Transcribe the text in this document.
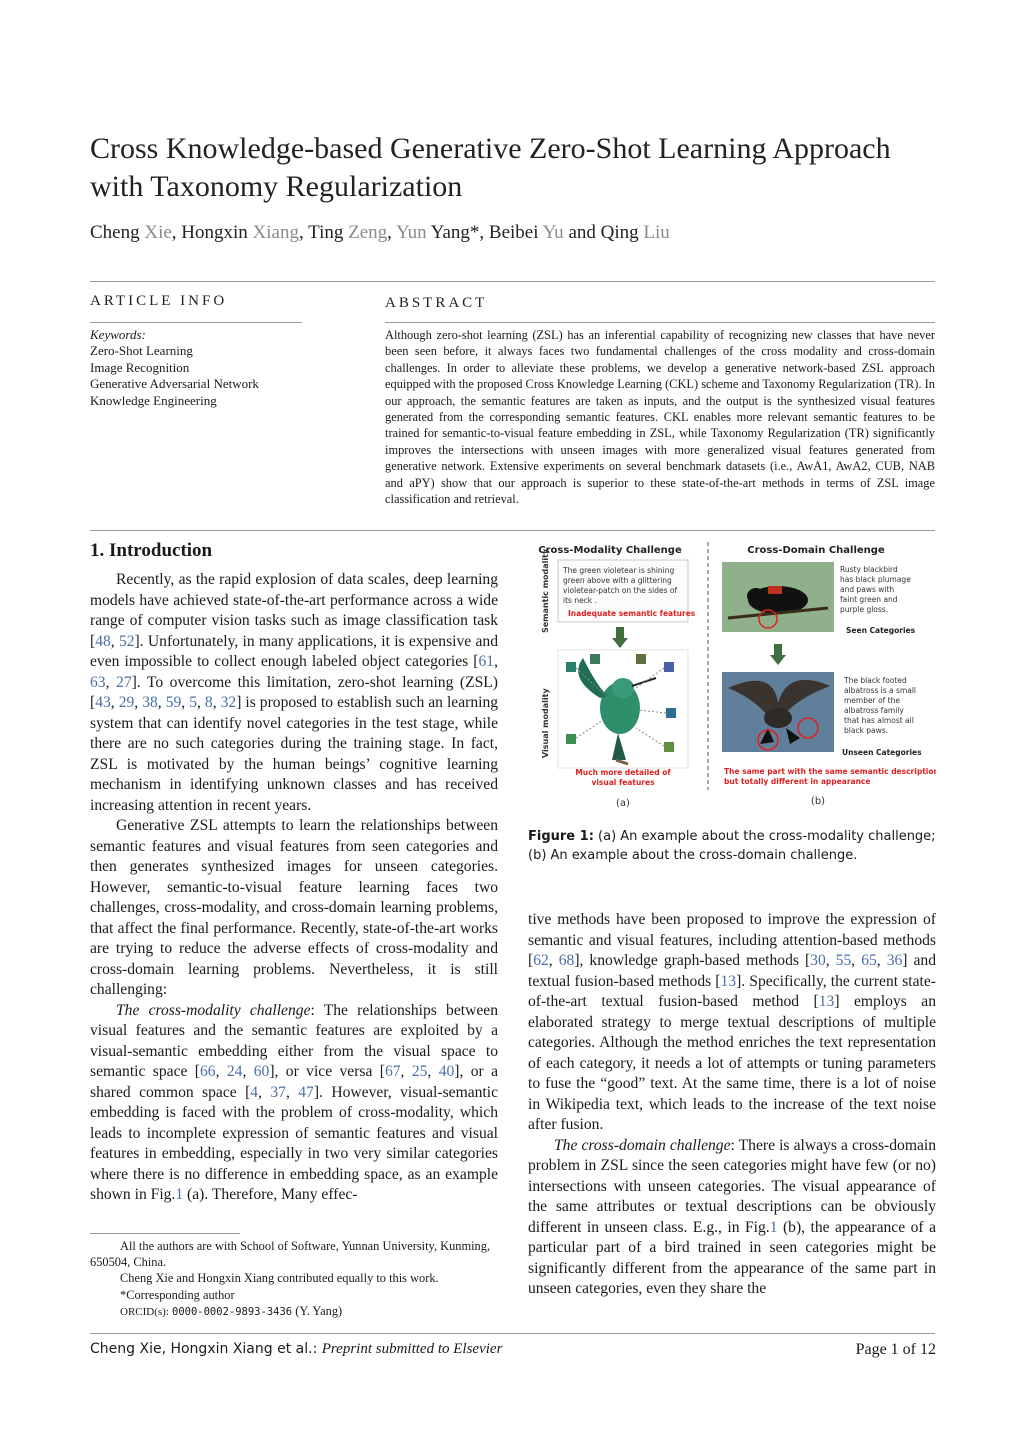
Cross Knowledge-based Generative Zero-Shot Learning Approach with Taxonomy Regularization
Cheng Xie, Hongxin Xiang, Ting Zeng, Yun Yang*, Beibei Yu and Qing Liu
ARTICLE INFO
Keywords:
Zero-Shot Learning
Image Recognition
Generative Adversarial Network
Knowledge Engineering
ABSTRACT
Although zero-shot learning (ZSL) has an inferential capability of recognizing new classes that have never been seen before, it always faces two fundamental challenges of the cross modality and cross-domain challenges. In order to alleviate these problems, we develop a generative network-based ZSL approach equipped with the proposed Cross Knowledge Learning (CKL) scheme and Taxonomy Regularization (TR). In our approach, the semantic features are taken as inputs, and the output is the synthesized visual features generated from the corresponding semantic features. CKL enables more relevant semantic features to be trained for semantic-to-visual feature embedding in ZSL, while Taxonomy Regularization (TR) significantly improves the intersections with unseen images with more generalized visual features generated from generative network. Extensive experiments on several benchmark datasets (i.e., AwA1, AwA2, CUB, NAB and aPY) show that our approach is superior to these state-of-the-art methods in terms of ZSL image classification and retrieval.
1. Introduction

Recently, as the rapid explosion of data scales, deep learning models have achieved state-of-the-art performance across a wide range of computer vision tasks such as image classification task [48, 52]. Unfortunately, in many applications, it is expensive and even impossible to collect enough labeled object categories [61, 63, 27]. To overcome this limitation, zero-shot learning (ZSL) [43, 29, 38, 59, 5, 8, 32] is proposed to establish such an learning system that can identify novel categories in the test stage, while there are no such categories during the training stage. In fact, ZSL is motivated by the human beings’ cognitive learning mechanism in identifying unknown classes and has received increasing attention in recent years.

Generative ZSL attempts to learn the relationships between semantic features and visual features from seen categories and then generates synthesized images for unseen categories. However, semantic-to-visual feature learning faces two challenges, cross-modality, and cross-domain learning problems, that affect the final performance. Recently, state-of-the-art works are trying to reduce the adverse effects of cross-modality and cross-domain learning problems. Nevertheless, it is still challenging:

The cross-modality challenge: The relationships between visual features and the semantic features are exploited by a visual-semantic embedding either from the visual space to semantic space [66, 24, 60], or vice versa [67, 25, 40], or a shared common space [4, 37, 47]. However, visual-semantic embedding is faced with the problem of cross-modality, which leads to incomplete expression of semantic features and visual features in embedding, especially in two very similar categories where there is no difference in embedding space, as an example shown in Fig.1 (a). Therefore, Many effec-

All the authors are with School of Software, Yunnan University, Kunming, 650504, China.

Cheng Xie and Hongxin Xiang contributed equally to this work.

*Corresponding author

ORCID(s): 0000-0002-9893-3436 (Y. Yang)

Cross-Modality Challenge
Semantic modality The green violetear is shining
green above with a glittering
violetear-patch on the sides of
its neck .
Inadequate semantic features
Visual modality
Much more detailed of
visual features
Cross-Domain Challenge
Rusty blackbird
has black plumage
and paws with
faint green and
purple gloss.
Seen Categories
The black footed
albatross is a small
member of the
albatross family
that has almost all
black paws.
Unseen Categories
The same part with the same semantic description,
but totally different in appearance
(a)	(b)
Figure 1: (a) An example about the cross-modality challenge; (b) An example about the cross-domain challenge.

tive methods have been proposed to improve the expression of semantic and visual features, including attention-based methods [62, 68], knowledge graph-based methods [30, 55, 65, 36] and textual fusion-based methods [13]. Specifically, the current state-of-the-art textual fusion-based method [13] employs an elaborated strategy to merge textual descriptions of multiple categories. Although the method enriches the text representation of each category, it needs a lot of attempts or tuning parameters to fuse the “good” text. At the same time, there is a lot of noise in Wikipedia text, which leads to the increase of the text noise after fusion.

The cross-domain challenge: There is always a cross-domain problem in ZSL since the seen categories might have few (or no) intersections with unseen categories. The visual appearance of the same attributes or textual descriptions can be obviously different in unseen class. E.g., in Fig.1 (b), the appearance of a particular part of a bird trained in seen categories might be significantly different from the appearance of the same part in unseen categories, even they share the

Cheng Xie, Hongxin Xiang et al.: Preprint submitted to Elsevier	Page 1 of 12
